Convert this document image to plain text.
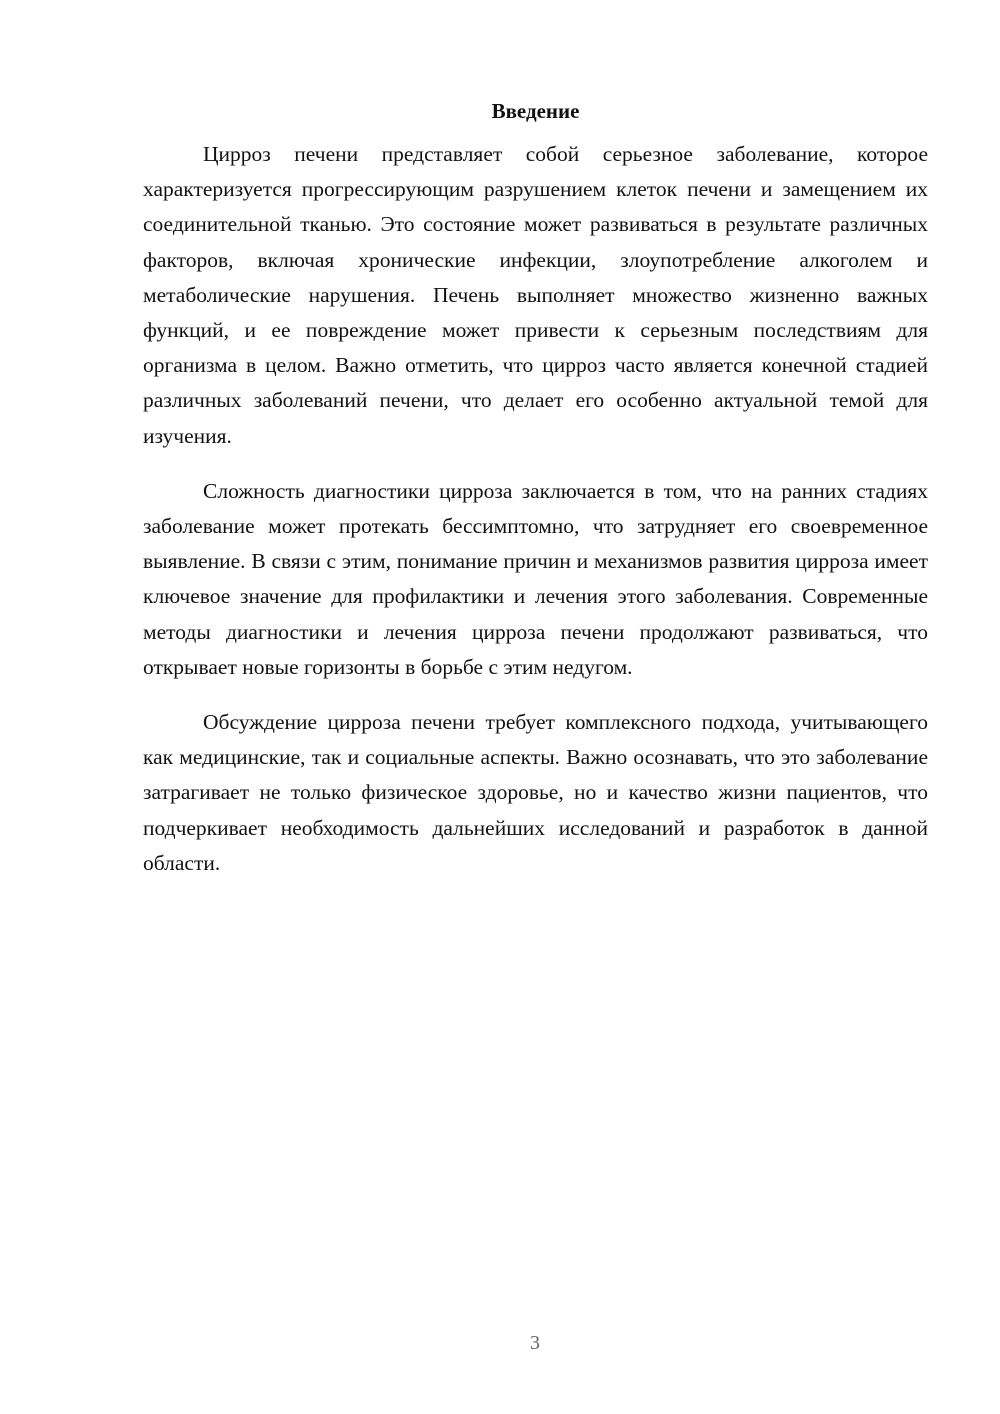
Введение

Цирроз печени представляет собой серьезное заболевание, которое характеризуется прогрессирующим разрушением клеток печени и замещением их соединительной тканью. Это состояние может развиваться в результате различных факторов, включая хронические инфекции, злоупотребление алкоголем и метаболические нарушения. Печень выполняет множество жизненно важных функций, и ее повреждение может привести к серьезным последствиям для организма в целом. Важно отметить, что цирроз часто является конечной стадией различных заболеваний печени, что делает его особенно актуальной темой для изучения.

Сложность диагностики цирроза заключается в том, что на ранних стадиях заболевание может протекать бессимптомно, что затрудняет его своевременное выявление. В связи с этим, понимание причин и механизмов развития цирроза имеет ключевое значение для профилактики и лечения этого заболевания. Современные методы диагностики и лечения цирроза печени продолжают развиваться, что открывает новые горизонты в борьбе с этим недугом.

Обсуждение цирроза печени требует комплексного подхода, учитывающего как медицинские, так и социальные аспекты. Важно осознавать, что это заболевание затрагивает не только физическое здоровье, но и качество жизни пациентов, что подчеркивает необходимость дальнейших исследований и разработок в данной области.

3
